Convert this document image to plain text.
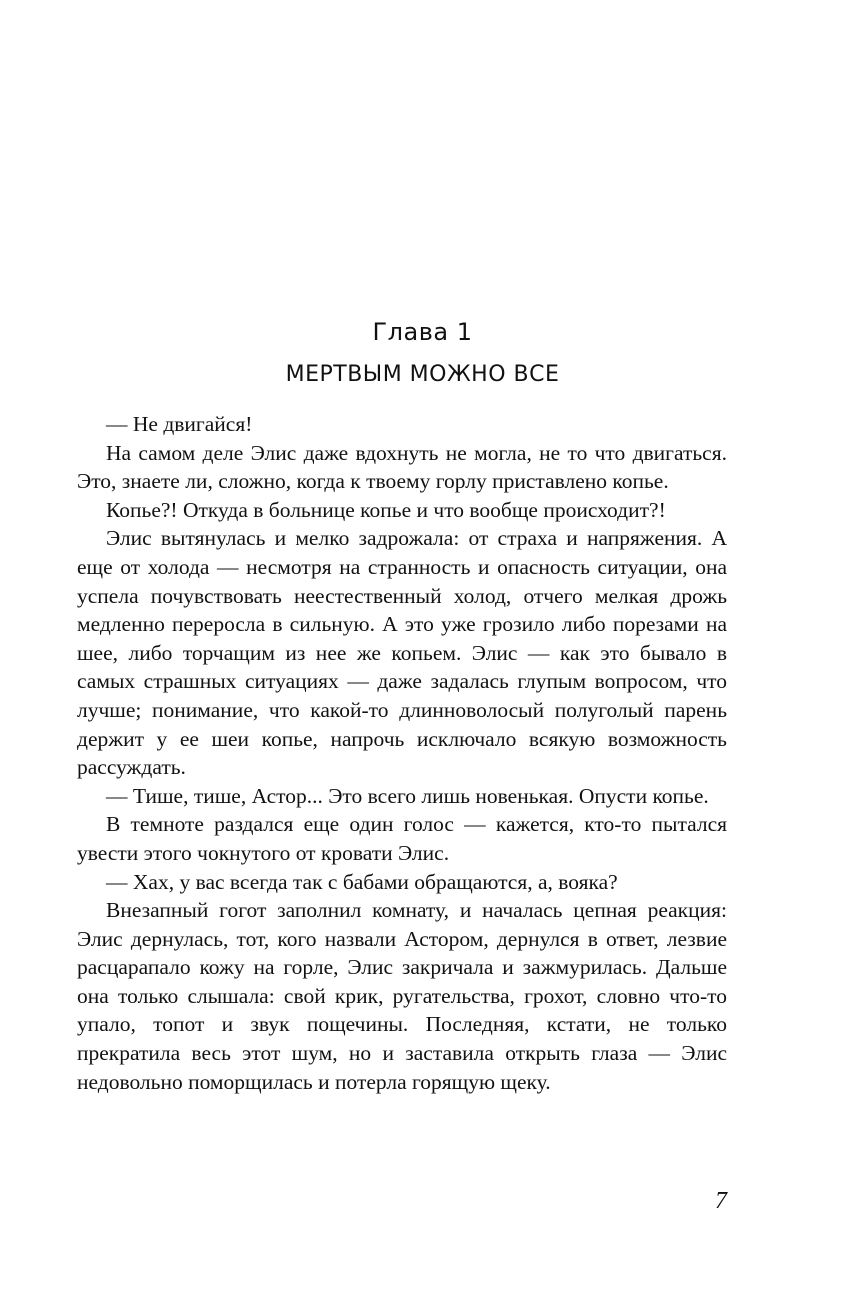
Глава 1
МЕРТВЫМ МОЖНО ВСЕ

— Не двигайся!

На самом деле Элис даже вдохнуть не могла, не то что двигаться. Это, знаете ли, сложно, когда к твоему горлу приставлено копье.

Копье?! Откуда в больнице копье и что вообще происходит?!

Элис вытянулась и мелко задрожала: от страха и напряжения. А еще от холода — несмотря на странность и опасность ситуации, она успела почувствовать неестественный холод, отчего мелкая дрожь медленно переросла в сильную. А это уже грозило либо порезами на шее, либо торчащим из нее же копьем. Элис — как это бывало в самых страшных ситуациях — даже задалась глупым вопросом, что лучше; понимание, что какой-то длинноволосый полуголый парень держит у ее шеи копье, напрочь исключало всякую возможность рассуждать.

— Тише, тише, Астор... Это всего лишь новенькая. Опусти копье.

В темноте раздался еще один голос — кажется, кто-то пытался увести этого чокнутого от кровати Элис.

— Хах, у вас всегда так с бабами обращаются, а, вояка?

Внезапный гогот заполнил комнату, и началась цепная реакция: Элис дернулась, тот, кого назвали Астором, дернулся в ответ, лезвие расцарапало кожу на горле, Элис закричала и зажмурилась. Дальше она только слышала: свой крик, ругательства, грохот, словно что-то упало, топот и звук пощечины. Последняя, кстати, не только прекратила весь этот шум, но и заставила открыть глаза — Элис недовольно поморщилась и потерла горящую щеку.

7
